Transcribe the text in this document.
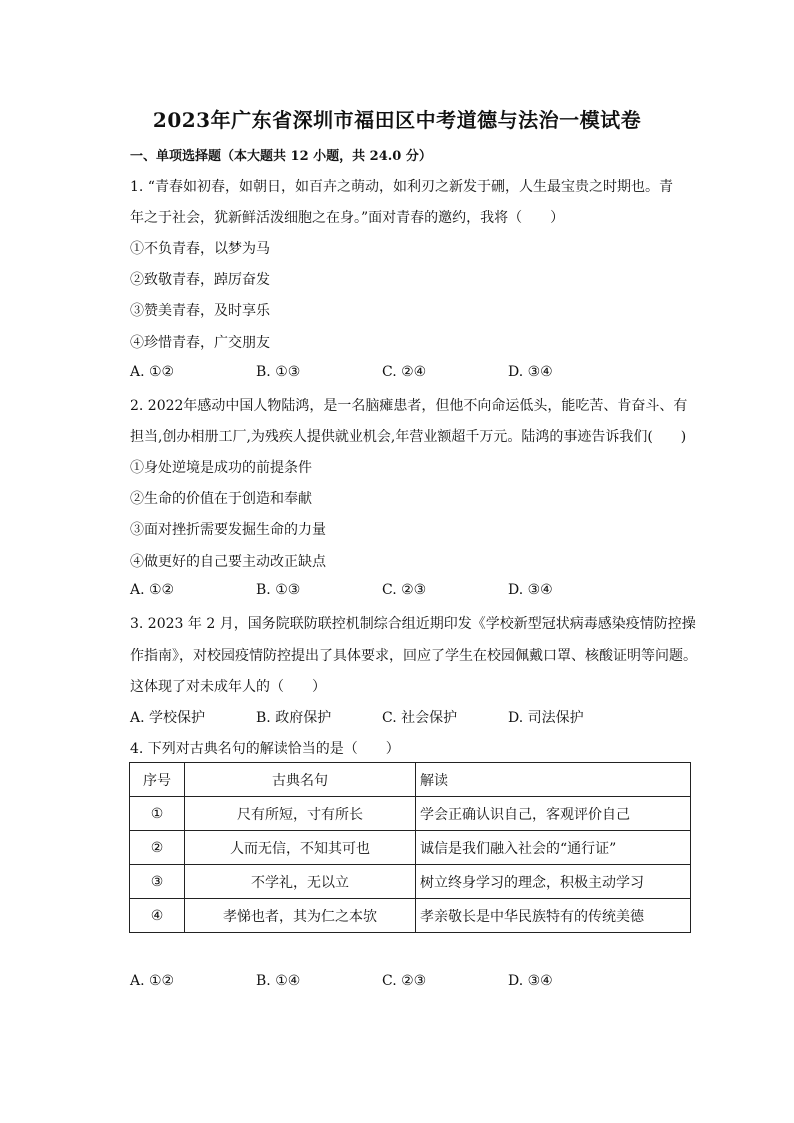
2023年广东省深圳市福田区中考道德与法治一模试卷
一、单项选择题（本大题共 12 小题，共 24.0 分）
1. “青春如初春，如朝日，如百卉之萌动，如利刃之新发于硎，人生最宝贵之时期也。青
年之于社会，犹新鲜活泼细胞之在身。”面对青春的邀约，我将（　　）
①不负青春，以梦为马
②致敬青春，踔厉奋发
③赞美青春，及时享乐
④珍惜青春，广交朋友
A. ①②	B. ①③	C. ②④	D. ③④
2. 2022年感动中国人物陆鸿，是一名脑瘫患者，但他不向命运低头，能吃苦、肯奋斗、有
担当,创办相册工厂,为残疾人提供就业机会,年营业额超千万元。陆鸿的事迹告诉我们(　　)
①身处逆境是成功的前提条件
②生命的价值在于创造和奉献
③面对挫折需要发掘生命的力量
④做更好的自己要主动改正缺点
A. ①②	B. ①③	C. ②③	D. ③④
3. 2023 年 2 月，国务院联防联控机制综合组近期印发《学校新型冠状病毒感染疫情防控操
作指南》，对校园疫情防控提出了具体要求，回应了学生在校园佩戴口罩、核酸证明等问题。
这体现了对未成年人的（　　）
A. 学校保护	B. 政府保护	C. 社会保护	D. 司法保护
4. 下列对古典名句的解读恰当的是（　　）
序号	古典名句	解读
①	尺有所短，寸有所长	学会正确认识自己，客观评价自己
②	人而无信，不知其可也	诚信是我们融入社会的“通行证”
③	不学礼，无以立	树立终身学习的理念，积极主动学习
④	孝悌也者，其为仁之本欤	孝亲敬长是中华民族特有的传统美德
A. ①②	B. ①④	C. ②③	D. ③④
